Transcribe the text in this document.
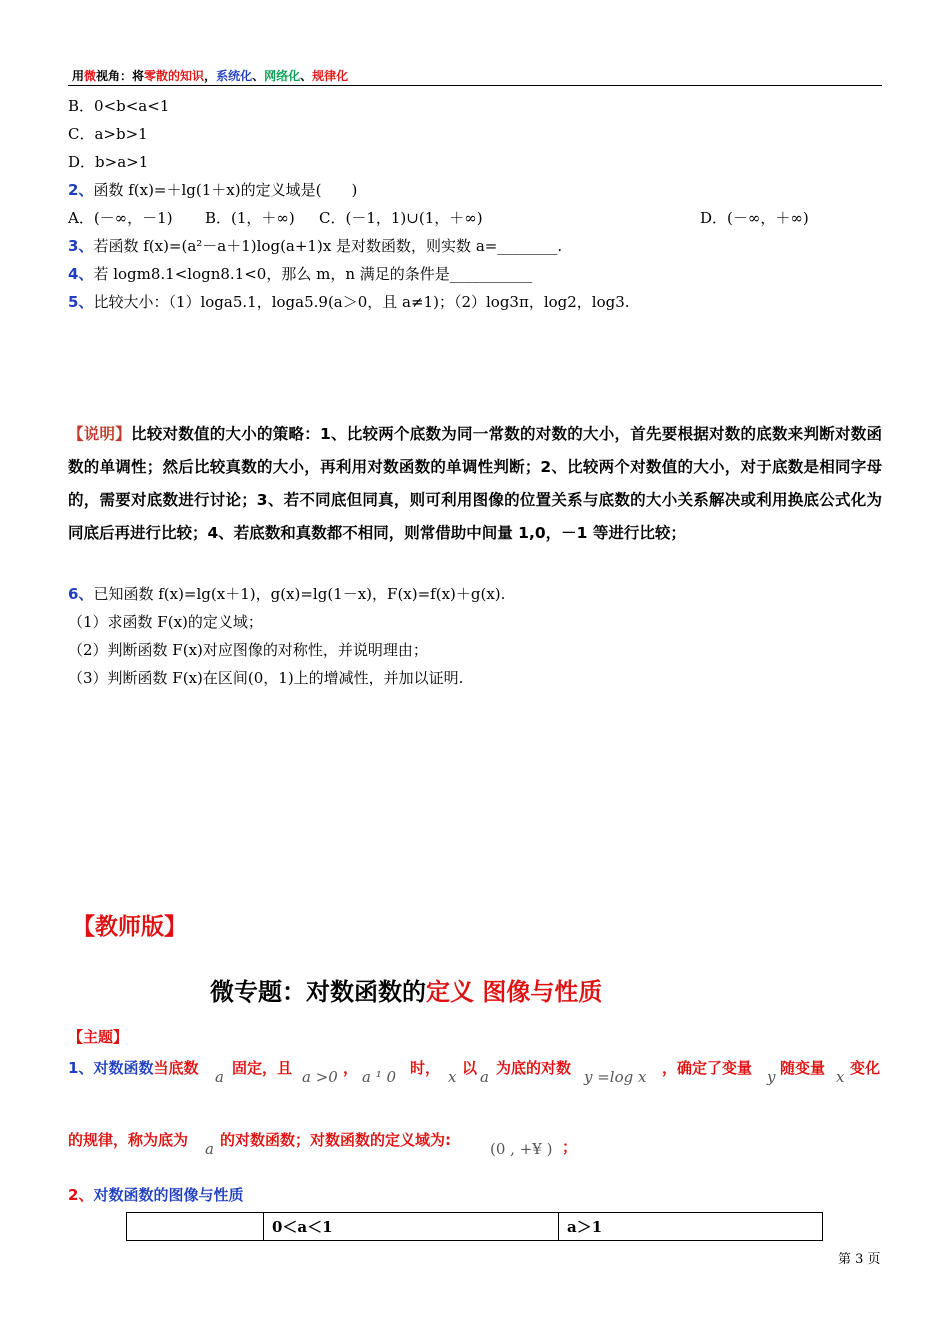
用微视角：将零散的知识，系统化、网络化、规律化
B．0<b<a<1
C．a>b>1
D．b>a>1
2、函数 f(x)=＋lg(1＋x)的定义域是(　　)
A．(－∞，－1) B．(1，＋∞) C．(－1，1)∪(1，＋∞)	D．(－∞，＋∞)
3、若函数 f(x)=(a²－a＋1)log(a+1)x 是对数函数，则实数 a=________.
4、若 logm8.1<logn8.1<0，那么 m，n 满足的条件是___________
5、比较大小：（1）loga5.1，loga5.9(a＞0，且 a≠1)；（2）log3π，log2，log3.
【说明】比较对数值的大小的策略：1、比较两个底数为同一常数的对数的大小，首先要根据对数的底数来判断对数函数的单调性；然后比较真数的大小，再利用对数函数的单调性判断；2、比较两个对数值的大小，对于底数是相同字母的，需要对底数进行讨论；3、若不同底但同真，则可利用图像的位置关系与底数的大小关系解决或利用换底公式化为同底后再进行比较；4、若底数和真数都不相同，则常借助中间量 1,0，－1 等进行比较；
6、已知函数 f(x)=lg(x＋1)，g(x)=lg(1－x)，F(x)=f(x)＋g(x).
（1）求函数 F(x)的定义域；
（2）判断函数 F(x)对应图像的对称性，并说明理由；
（3）判断函数 F(x)在区间(0，1)上的增减性，并加以证明.
【教师版】
微专题：对数函数的定义 图像与性质
【主题】
1、对数函数当底数 a 固定，且 a >0 ， a ¹ 0 时， x 以 a 为底的对数 y =log x ，确定了变量 y 随变量 x 变化
的规律，称为底为 a 的对数函数；对数函数的定义域为:	(0 , +¥ ) ；
2、对数函数的图像与性质
	0＜a＜1	a＞1
第 3 页
